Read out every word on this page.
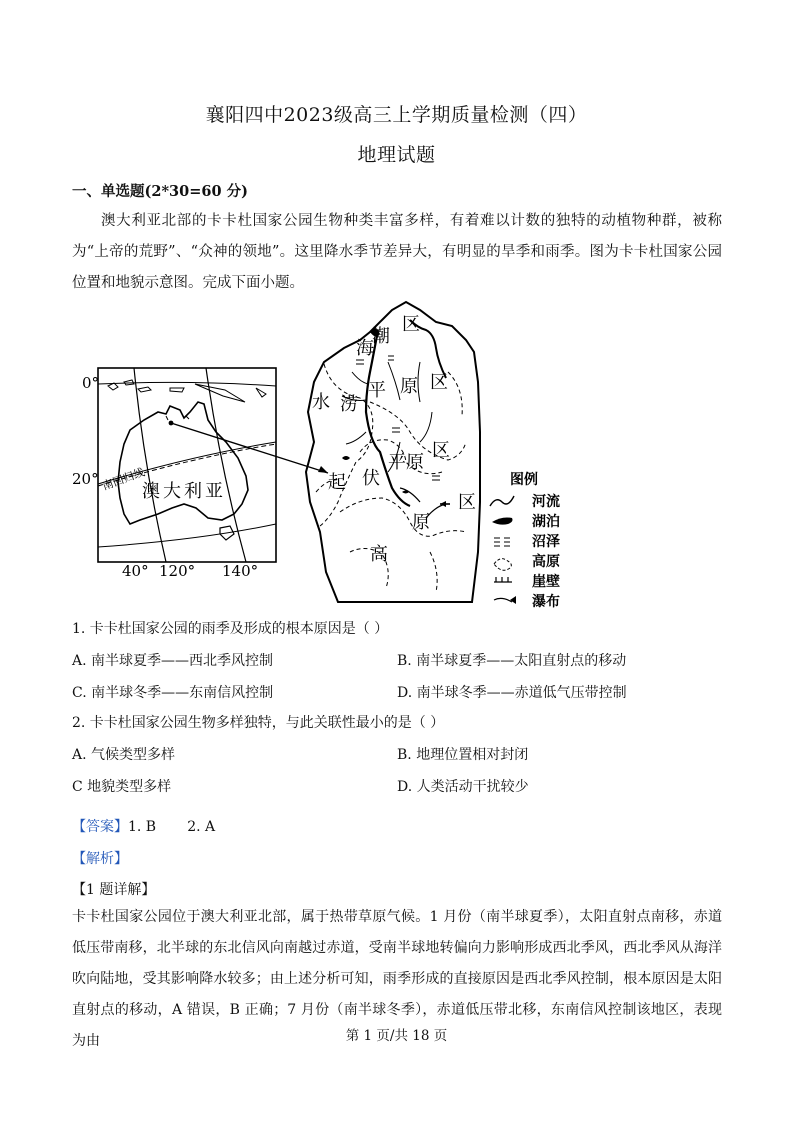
襄阳四中2023级高三上学期质量检测（四）
地理试题
一、单选题(2*30=60 分)
澳大利亚北部的卡卡杜国家公园生物种类丰富多样，有着难以计数的独特的动植物种群，被称为“上帝的荒野”、“众神的领地”。这里降水季节差异大，有明显的旱季和雨季。图为卡卡杜国家公园位置和地貌示意图。完成下面小题。
0°
20° 南回归线
澳大利亚
40° 120° 140°
潮
区
海
原 区
水 涝
平
平原
区
起 伏
区
原
高
图例
河流
湖泊
沼泽
高原
崖壁
瀑布
1. 卡卡杜国家公园的雨季及形成的根本原因是（ ）
A. 南半球夏季——西北季风控制	B. 南半球夏季——太阳直射点的移动
C. 南半球冬季——东南信风控制	D. 南半球冬季——赤道低气压带控制
2. 卡卡杜国家公园生物多样独特，与此关联性最小的是（ ）
A. 气候类型多样	B. 地理位置相对封闭
C 地貌类型多样	D. 人类活动干扰较少
【答案】1. B       2. A
【解析】
【1 题详解】
卡卡杜国家公园位于澳大利亚北部，属于热带草原气候。1 月份（南半球夏季），太阳直射点南移，赤道低压带南移，北半球的东北信风向南越过赤道，受南半球地转偏向力影响形成西北季风，西北季风从海洋吹向陆地，受其影响降水较多；由上述分析可知，雨季形成的直接原因是西北季风控制，根本原因是太阳直射点的移动，A 错误，B 正确；7 月份（南半球冬季），赤道低压带北移，东南信风控制该地区，表现为由	第 1 页/共 18 页
